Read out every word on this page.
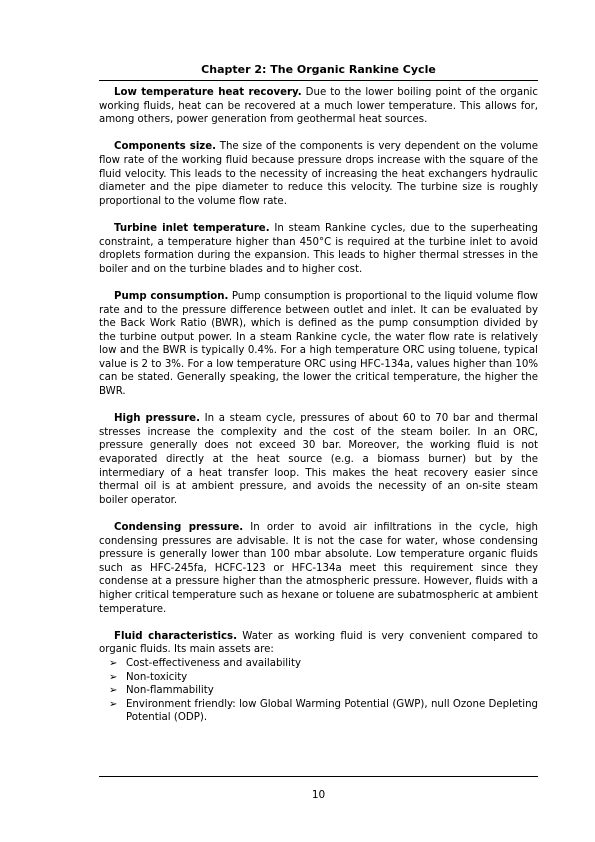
Chapter 2: The Organic Rankine Cycle

Low temperature heat recovery. Due to the lower boiling point of the organic working fluids, heat can be recovered at a much lower temperature. This allows for, among others, power generation from geothermal heat sources.

Components size. The size of the components is very dependent on the volume flow rate of the working fluid because pressure drops increase with the square of the fluid velocity. This leads to the necessity of increasing the heat exchangers hydraulic diameter and the pipe diameter to reduce this velocity. The turbine size is roughly proportional to the volume flow rate.

Turbine inlet temperature. In steam Rankine cycles, due to the superheating constraint, a temperature higher than 450°C is required at the turbine inlet to avoid droplets formation during the expansion. This leads to higher thermal stresses in the boiler and on the turbine blades and to higher cost.

Pump consumption. Pump consumption is proportional to the liquid volume flow rate and to the pressure difference between outlet and inlet. It can be evaluated by the Back Work Ratio (BWR), which is defined as the pump consumption divided by the turbine output power. In a steam Rankine cycle, the water flow rate is relatively low and the BWR is typically 0.4%. For a high temperature ORC using toluene, typical value is 2 to 3%. For a low temperature ORC using HFC-134a, values higher than 10% can be stated. Generally speaking, the lower the critical temperature, the higher the BWR.

High pressure. In a steam cycle, pressures of about 60 to 70 bar and thermal stresses increase the complexity and the cost of the steam boiler. In an ORC, pressure generally does not exceed 30 bar. Moreover, the working fluid is not evaporated directly at the heat source (e.g. a biomass burner) but by the intermediary of a heat transfer loop. This makes the heat recovery easier since thermal oil is at ambient pressure, and avoids the necessity of an on-site steam boiler operator.

Condensing pressure. In order to avoid air infiltrations in the cycle, high condensing pressures are advisable. It is not the case for water, whose condensing pressure is generally lower than 100 mbar absolute. Low temperature organic fluids such as HFC-245fa, HCFC-123 or HFC-134a meet this requirement since they condense at a pressure higher than the atmospheric pressure. However, fluids with a higher critical temperature such as hexane or toluene are subatmospheric at ambient temperature.

Fluid characteristics. Water as working fluid is very convenient compared to organic fluids. Its main assets are:

➢ Cost-effectiveness and availability
➢ Non-toxicity
➢ Non-flammability
➢ Environment friendly: low Global Warming Potential (GWP), null Ozone Depleting Potential (ODP).
10
